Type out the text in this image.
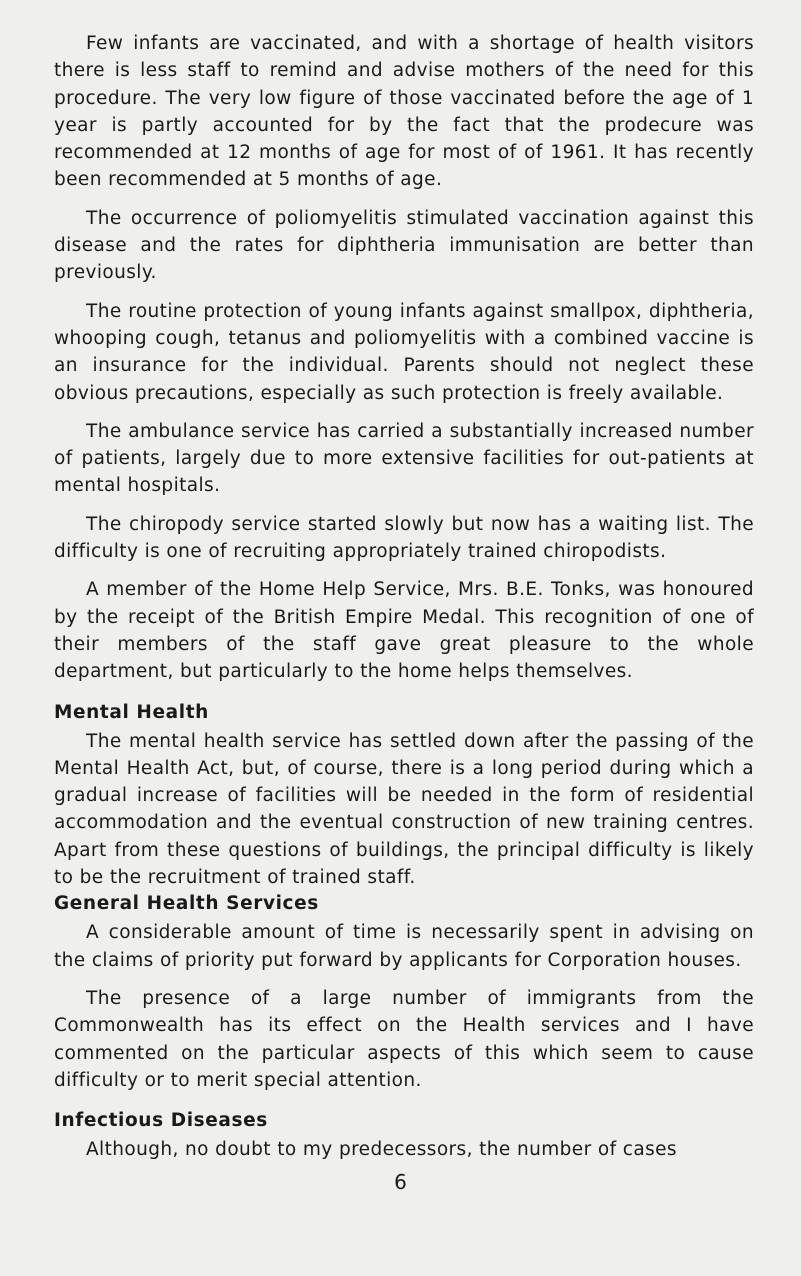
Few infants are vaccinated, and with a shortage of health visitors there is less staff to remind and advise mothers of the need for this procedure. The very low figure of those vaccinated before the age of 1 year is partly accounted for by the fact that the prodecure was recommended at 12 months of age for most of of 1961. It has recently been recommended at 5 months of age.

The occurrence of poliomyelitis stimulated vaccination against this disease and the rates for diphtheria immunisation are better than previously.

The routine protection of young infants against smallpox, diphtheria, whooping cough, tetanus and poliomyelitis with a combined vaccine is an insurance for the individual. Parents should not neglect these obvious precautions, especially as such protection is freely available.

The ambulance service has carried a substantially increased number of patients, largely due to more extensive facilities for out-patients at mental hospitals.

The chiropody service started slowly but now has a waiting list. The difficulty is one of recruiting appropriately trained chiropodists.

A member of the Home Help Service, Mrs. B.E. Tonks, was honoured by the receipt of the British Empire Medal. This recognition of one of their members of the staff gave great pleasure to the whole department, but particularly to the home helps themselves.

Mental Health

The mental health service has settled down after the passing of the Mental Health Act, but, of course, there is a long period during which a gradual increase of facilities will be needed in the form of residential accommodation and the eventual construction of new training centres. Apart from these questions of buildings, the principal difficulty is likely to be the recruitment of trained staff.

General Health Services

A considerable amount of time is necessarily spent in advising on the claims of priority put forward by applicants for Corporation houses.

The presence of a large number of immigrants from the Commonwealth has its effect on the Health services and I have commented on the particular aspects of this which seem to cause difficulty or to merit special attention.

Infectious Diseases

Although, no doubt to my predecessors, the number of cases

6
